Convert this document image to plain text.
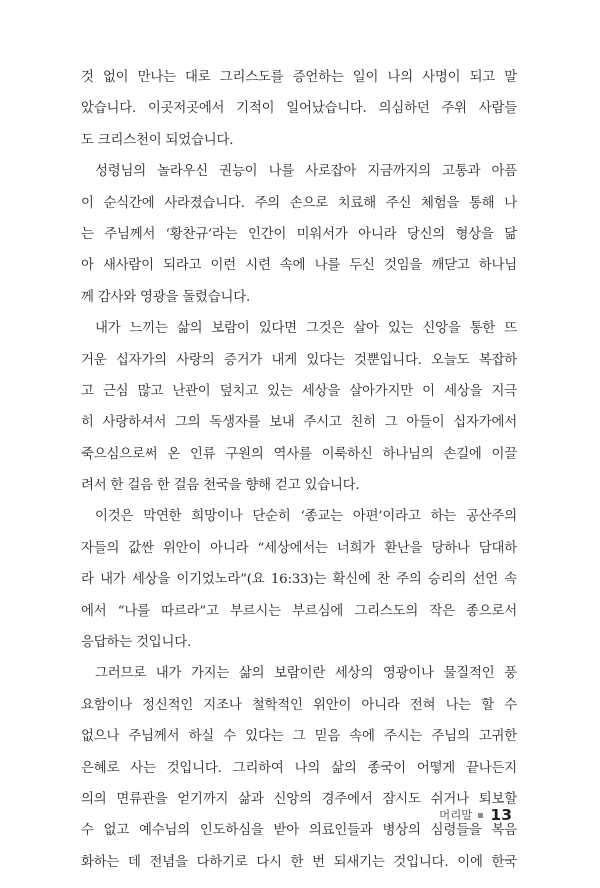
것 없이 만나는 대로 그리스도를 증언하는 일이 나의 사명이 되고 말
았습니다. 이곳저곳에서 기적이 일어났습니다. 의심하던 주위 사람들
도 크리스천이 되었습니다.
성령님의 놀라우신 권능이 나를 사로잡아 지금까지의 고통과 아픔
이 순식간에 사라졌습니다. 주의 손으로 치료해 주신 체험을 통해 나
는 주님께서 ‘황찬규’라는 인간이 미워서가 아니라 당신의 형상을 닮
아 새사람이 되라고 이런 시련 속에 나를 두신 것임을 깨닫고 하나님
께 감사와 영광을 돌렸습니다.
내가 느끼는 삶의 보람이 있다면 그것은 살아 있는 신앙을 통한 뜨
거운 십자가의 사랑의 증거가 내게 있다는 것뿐입니다. 오늘도 복잡하
고 근심 많고 난관이 덮치고 있는 세상을 살아가지만 이 세상을 지극
히 사랑하셔서 그의 독생자를 보내 주시고 친히 그 아들이 십자가에서
죽으심으로써 온 인류 구원의 역사를 이룩하신 하나님의 손길에 이끌
려서 한 걸음 한 걸음 천국을 향해 걷고 있습니다.
이것은 막연한 희망이나 단순히 ‘종교는 아편’이라고 하는 공산주의
자들의 값싼 위안이 아니라 “세상에서는 너희가 환난을 당하나 담대하
라 내가 세상을 이기었노라”(요 16:33)는 확신에 찬 주의 승리의 선언 속
에서 “나를 따르라”고 부르시는 부르심에 그리스도의 작은 종으로서
응답하는 것입니다.
그러므로 내가 가지는 삶의 보람이란 세상의 영광이나 물질적인 풍
요함이나 정신적인 지조나 철학적인 위안이 아니라 전혀 나는 할 수
없으나 주님께서 하실 수 있다는 그 믿음 속에 주시는 주님의 고귀한
은혜로 사는 것입니다. 그리하여 나의 삶의 종국이 어떻게 끝나든지
의의 면류관을 얻기까지 삶과 신앙의 경주에서 잠시도 쉬거나 퇴보할
수 없고 예수님의 인도하심을 받아 의료인들과 병상의 심령들을 복음
화하는 데 전념을 다하기로 다시 한 번 되새기는 것입니다. 이에 한국
머리말 13
